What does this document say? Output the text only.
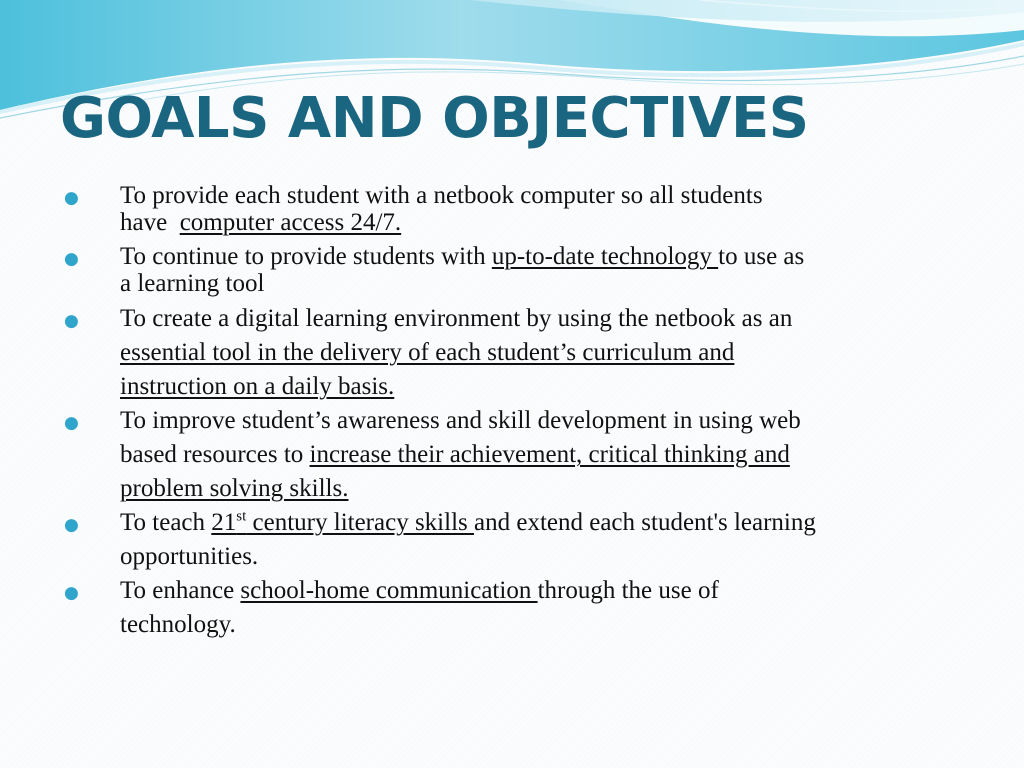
GOALS AND OBJECTIVES
● To provide each student with a netbook computer so all students
have  computer access 24/7.
● To continue to provide students with up-to-date technology to use as
a learning tool
● To create a digital learning environment by using the netbook as an
essential tool in the delivery of each student’s curriculum and
instruction on a daily basis.
● To improve student’s awareness and skill development in using web
based resources to increase their achievement, critical thinking and
problem solving skills.
● To teach 21st century literacy skills and extend each student's learning
opportunities.
● To enhance school-home communication through the use of
technology.
